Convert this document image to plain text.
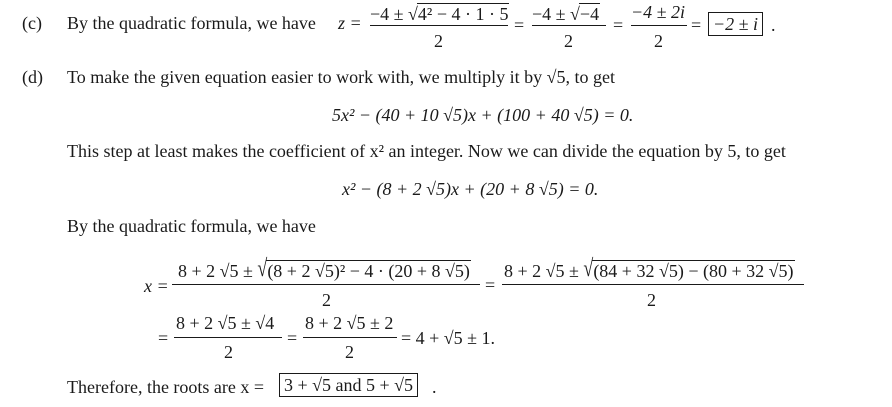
(c) By the quadratic formula, we have z = −4 ± √4² − 4 · 1 · 5
2
=
−4 ± √−4
2
=
−4 ± 2i
2
= −2 ± i .
(d) To make the given equation easier to work with, we multiply it by √5, to get
5x² − (40 + 10 √5)x + (100 + 40 √5) = 0.
This step at least makes the coefficient of x² an integer. Now we can divide the equation by 5, to get
x² − (8 + 2 √5)x + (20 + 8 √5) = 0.
By the quadratic formula, we have
x =
8 + 2 √5 ± √(8 + 2 √5)² − 4 · (20 + 8 √5)
2
=
8 + 2 √5 ± √(84 + 32 √5) − (80 + 32 √5)
2
=
8 + 2 √5 ± √4
2
=
8 + 2 √5 ± 2
2
= 4 + √5 ± 1.
Therefore, the roots are x = 3 + √5 and 5 + √5 .
